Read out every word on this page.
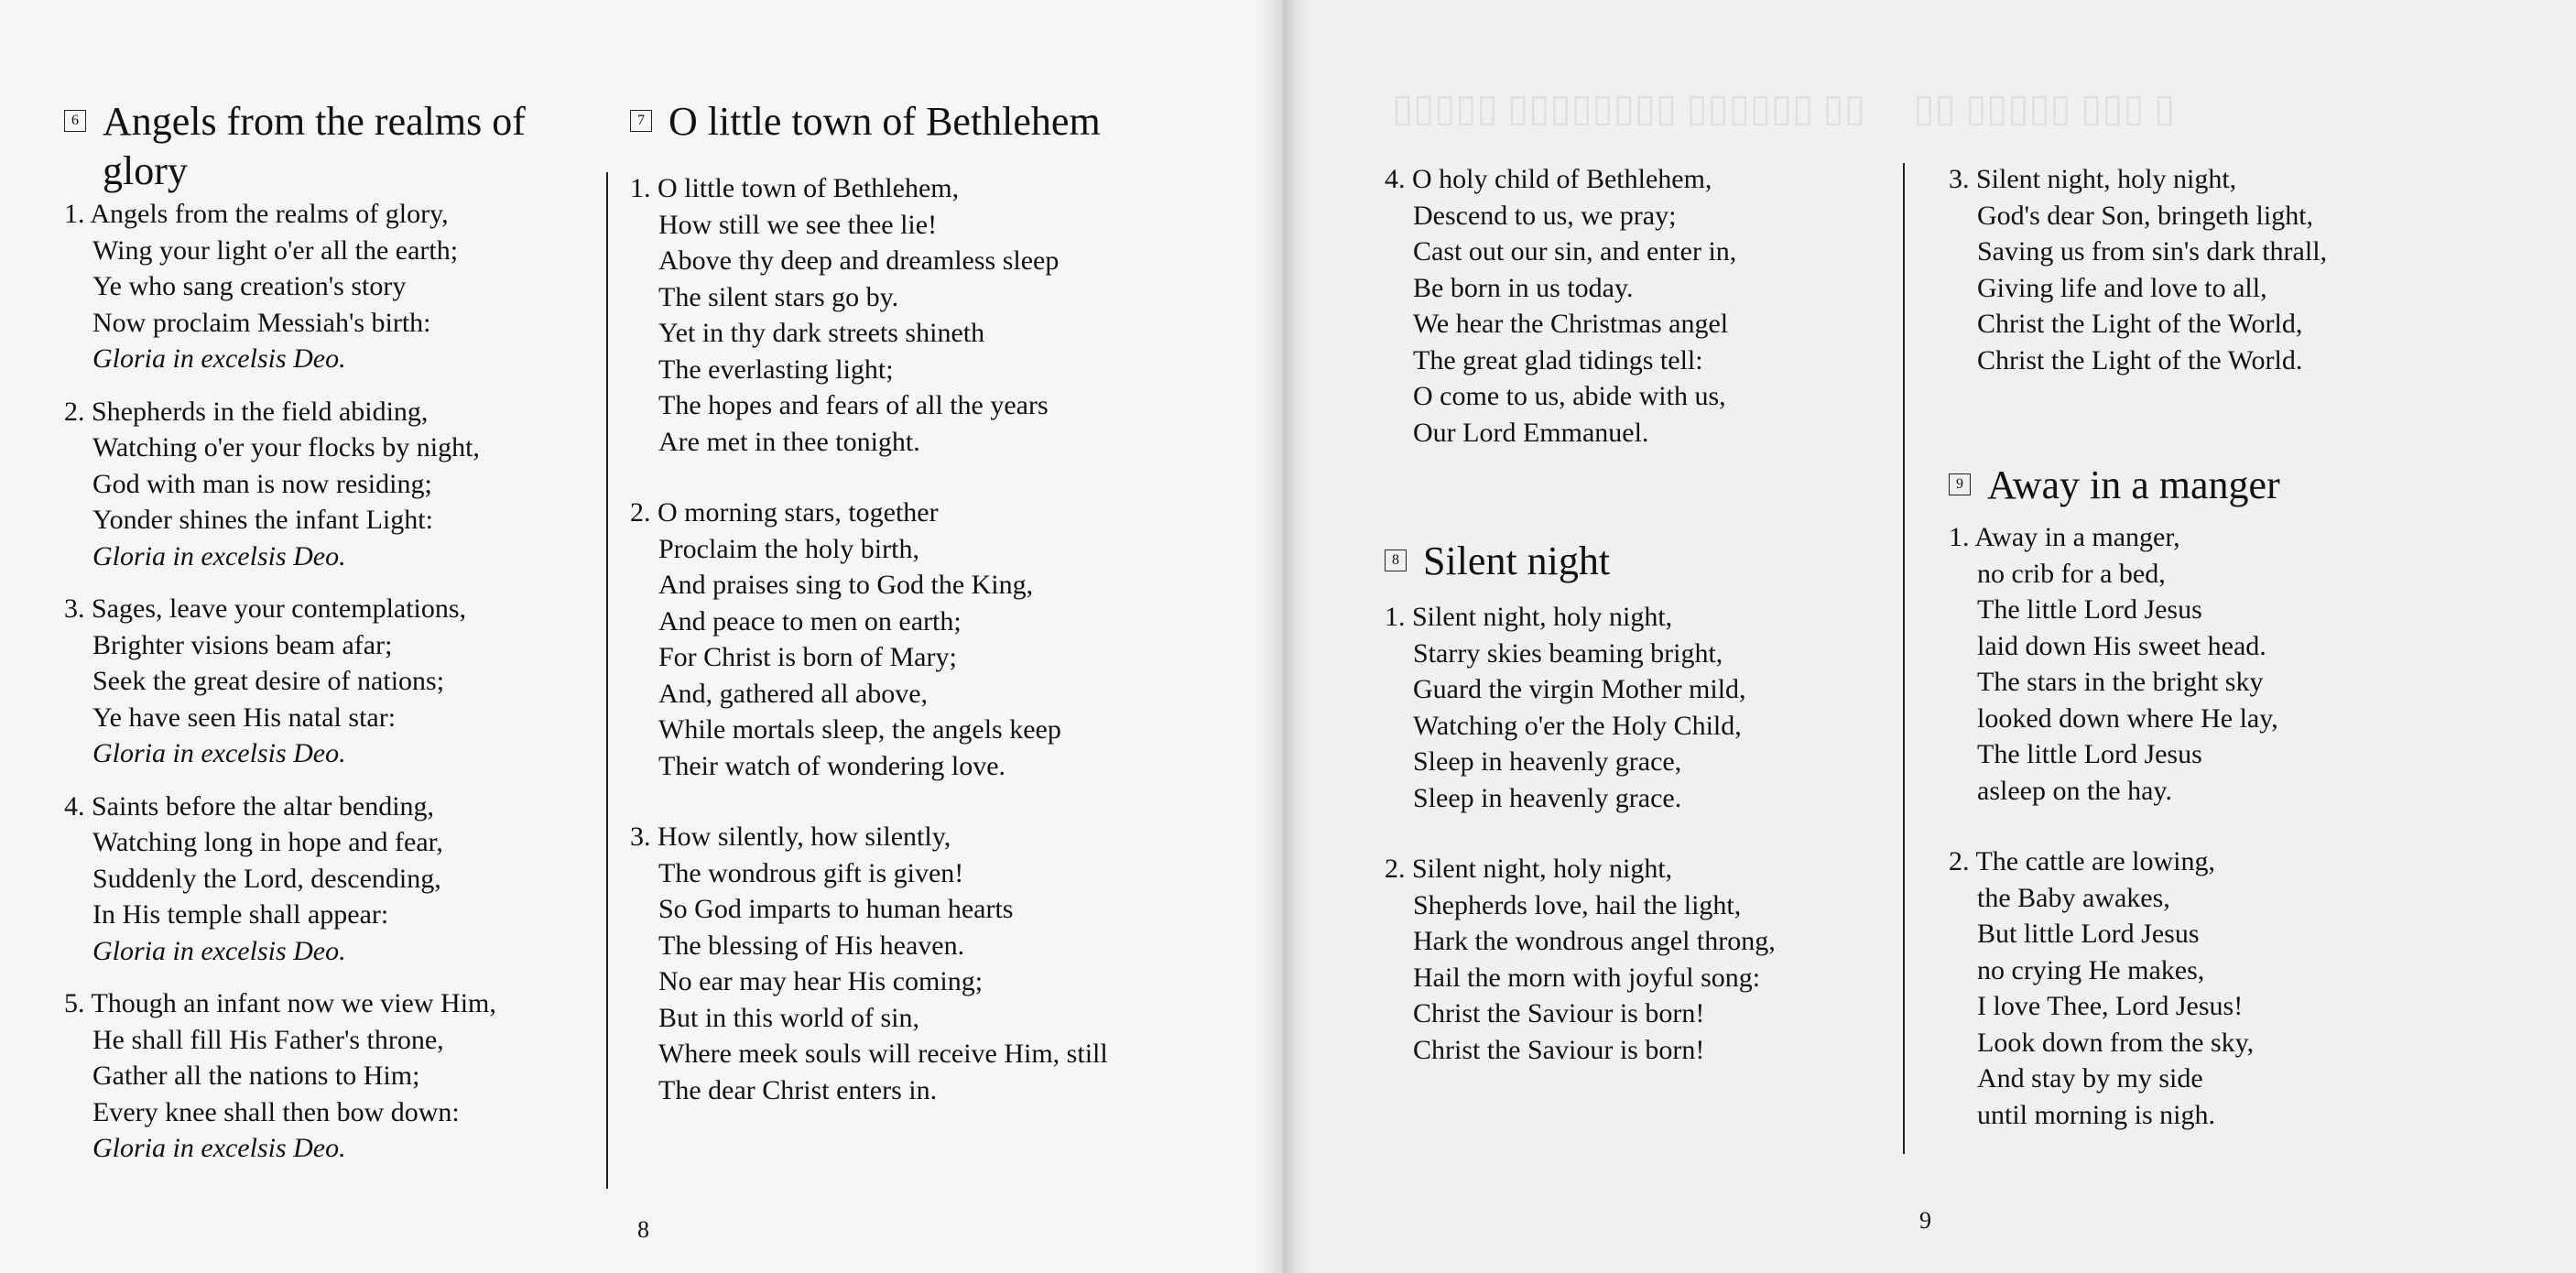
6 Angels from the realms of glory
1. Angels from the realms of glory,
Wing your light o'er all the earth;
Ye who sang creation's story
Now proclaim Messiah's birth:
Gloria in excelsis Deo.
2. Shepherds in the field abiding,
Watching o'er your flocks by night,
God with man is now residing;
Yonder shines the infant Light:
Gloria in excelsis Deo.
3. Sages, leave your contemplations,
Brighter visions beam afar;
Seek the great desire of nations;
Ye have seen His natal star:
Gloria in excelsis Deo.
4. Saints before the altar bending,
Watching long in hope and fear,
Suddenly the Lord, descending,
In His temple shall appear:
Gloria in excelsis Deo.
5. Though an infant now we view Him,
He shall fill His Father's throne,
Gather all the nations to Him;
Every knee shall then bow down:
Gloria in excelsis Deo.
7 O little town of Bethlehem
1. O little town of Bethlehem,
How still we see thee lie!
Above thy deep and dreamless sleep
The silent stars go by.
Yet in thy dark streets shineth
The everlasting light;
The hopes and fears of all the years
Are met in thee tonight.
2. O morning stars, together
Proclaim the holy birth,
And praises sing to God the King,
And peace to men on earth;
For Christ is born of Mary;
And, gathered all above,
While mortals sleep, the angels keep
Their watch of wondering love.
3. How silently, how silently,
The wondrous gift is given!
So God imparts to human hearts
The blessing of His heaven.
No ear may hear His coming;
But in this world of sin,
Where meek souls will receive Him, still
The dear Christ enters in.
8
▯ ▯▯▯ ▯▯▯▯▯ ▯▯     ▯▯ ▯▯▯▯▯▯ ▯▯▯▯▯▯▯▯ ▯▯▯▯▯
4. O holy child of Bethlehem,
Descend to us, we pray;
Cast out our sin, and enter in,
Be born in us today.
We hear the Christmas angel
The great glad tidings tell:
O come to us, abide with us,
Our Lord Emmanuel.
8 Silent night
1. Silent night, holy night,
Starry skies beaming bright,
Guard the virgin Mother mild,
Watching o'er the Holy Child,
Sleep in heavenly grace,
Sleep in heavenly grace.
2. Silent night, holy night,
Shepherds love, hail the light,
Hark the wondrous angel throng,
Hail the morn with joyful song:
Christ the Saviour is born!
Christ the Saviour is born!
3. Silent night, holy night,
God's dear Son, bringeth light,
Saving us from sin's dark thrall,
Giving life and love to all,
Christ the Light of the World,
Christ the Light of the World.
9 Away in a manger
1. Away in a manger,
no crib for a bed,
The little Lord Jesus
laid down His sweet head.
The stars in the bright sky
looked down where He lay,
The little Lord Jesus
asleep on the hay.
2. The cattle are lowing,
the Baby awakes,
But little Lord Jesus
no crying He makes,
I love Thee, Lord Jesus!
Look down from the sky,
And stay by my side
until morning is nigh.
9
